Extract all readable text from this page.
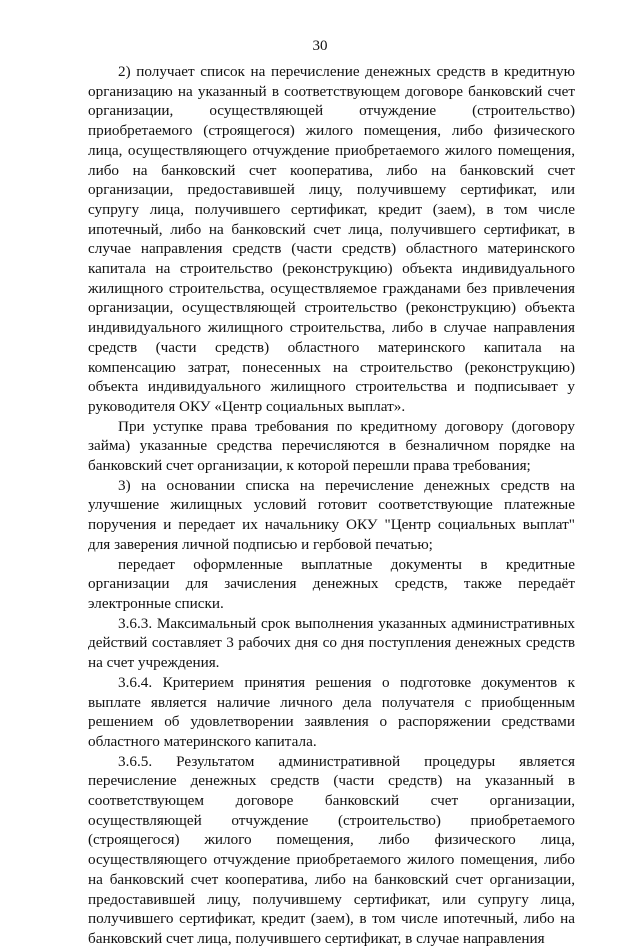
30

2) получает список на перечисление денежных средств в кредитную организацию на указанный в соответствующем договоре банковский счет организации, осуществляющей отчуждение (строительство) приобретаемого (строящегося) жилого помещения, либо физического лица, осуществляющего отчуждение приобретаемого жилого помещения, либо на банковский счет кооператива, либо на банковский счет организации, предоставившей лицу, получившему сертификат, или супругу лица, получившего сертификат, кредит (заем), в том числе ипотечный, либо на банковский счет лица, получившего сертификат, в случае направления средств (части средств) областного материнского капитала на строительство (реконструкцию) объекта индивидуального жилищного строительства, осуществляемое гражданами без привлечения организации, осуществляющей строительство (реконструкцию) объекта индивидуального жилищного строительства, либо в случае направления средств (части средств) областного материнского капитала на компенсацию затрат, понесенных на строительство (реконструкцию) объекта индивидуального жилищного строительства и подписывает у руководителя ОКУ «Центр социальных выплат».

При уступке права требования по кредитному договору (договору займа) указанные средства перечисляются в безналичном порядке на банковский счет организации, к которой перешли права требования;

3) на основании списка на перечисление денежных средств на улучшение жилищных условий готовит соответствующие платежные поручения и передает их начальнику ОКУ "Центр социальных выплат" для заверения личной подписью и гербовой печатью;

передает оформленные выплатные документы в кредитные организации для зачисления денежных средств, также передаёт электронные списки.

3.6.3. Максимальный срок выполнения указанных административных действий составляет 3 рабочих дня со дня поступления денежных средств на счет учреждения.

3.6.4. Критерием принятия решения о подготовке документов к выплате является наличие личного дела получателя с приобщенным решением об удовлетворении заявления о распоряжении средствами областного материнского капитала.

3.6.5. Результатом административной процедуры является перечисление денежных средств (части средств) на указанный в соответствующем договоре банковский счет организации, осуществляющей отчуждение (строительство) приобретаемого (строящегося) жилого помещения, либо физического лица, осуществляющего отчуждение приобретаемого жилого помещения, либо на банковский счет кооператива, либо на банковский счет организации, предоставившей лицу, получившему сертификат, или супругу лица, получившего сертификат, кредит (заем), в том числе ипотечный, либо на банковский счет лица, получившего сертификат, в случае направления
